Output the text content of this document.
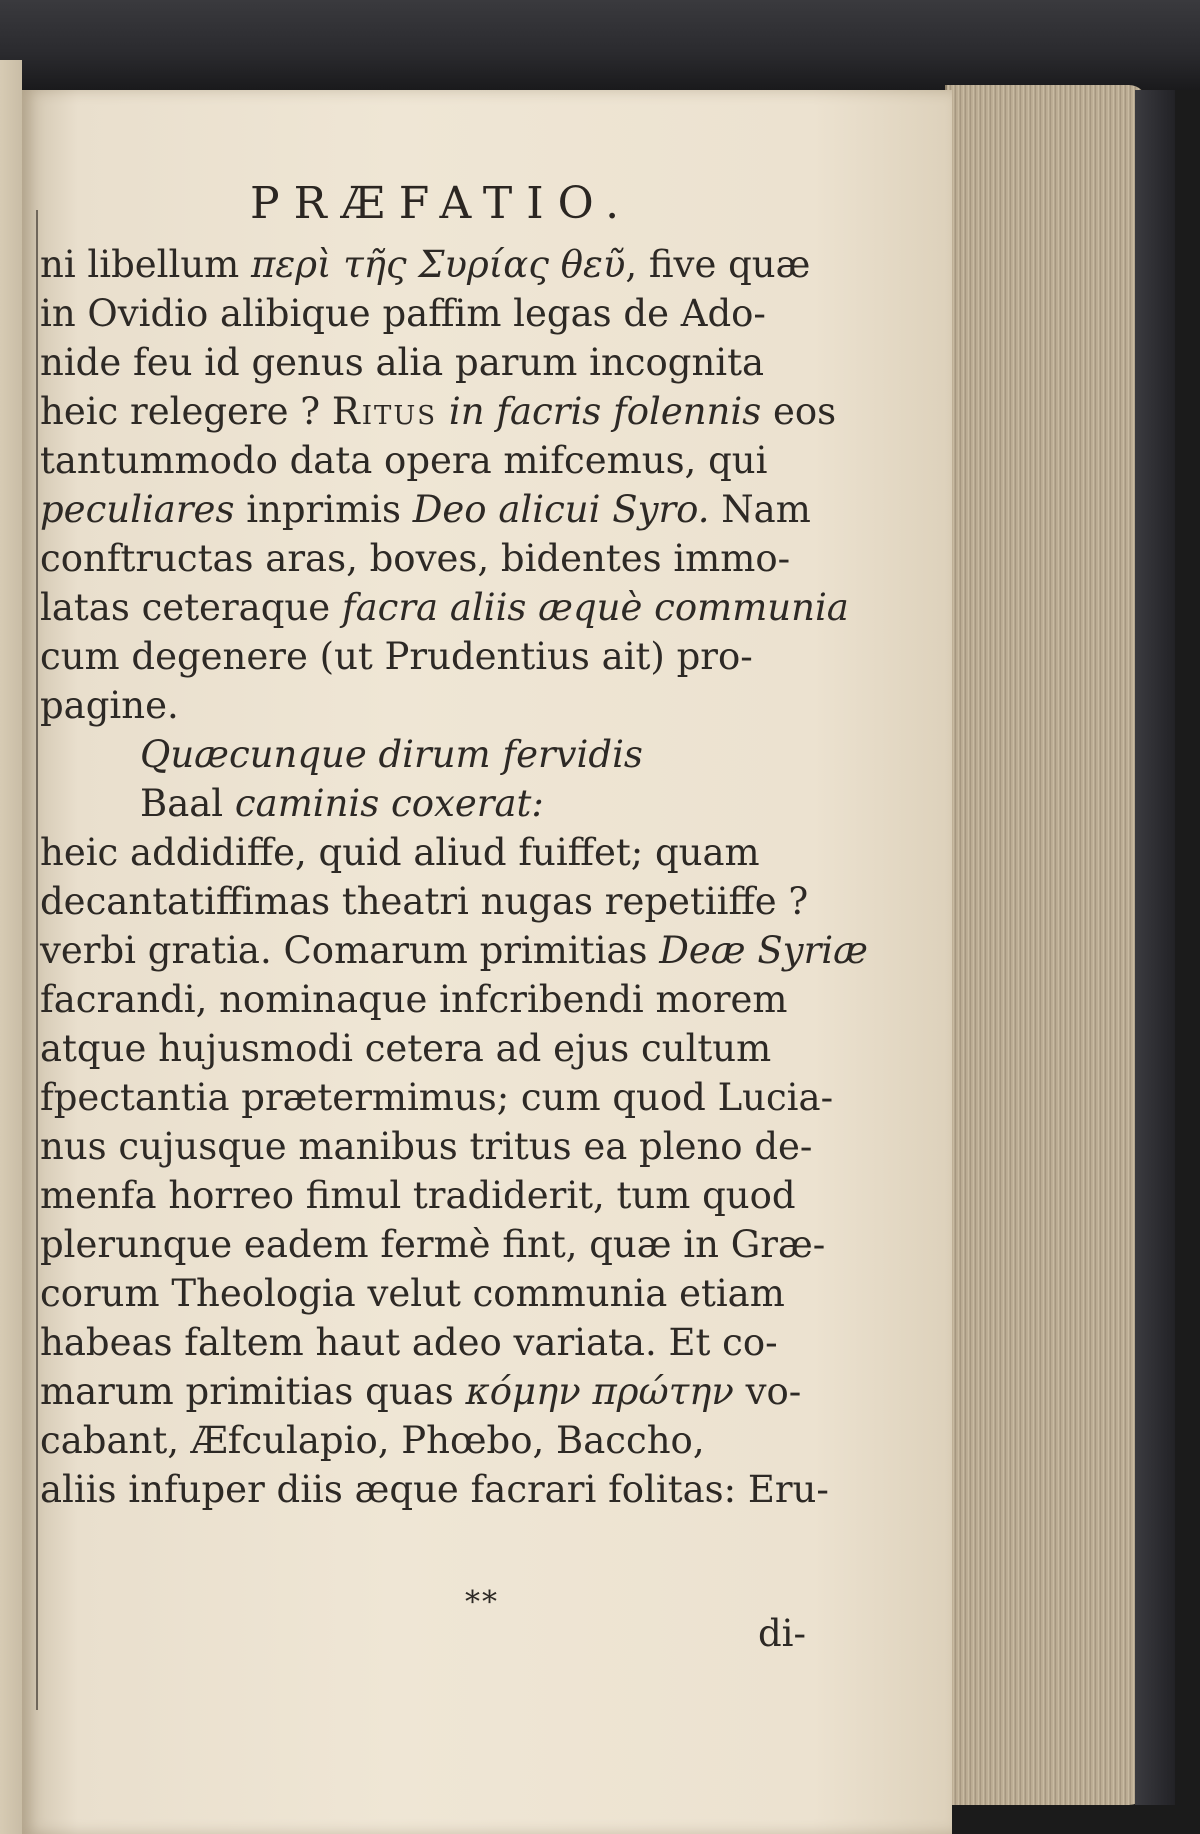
PRÆFATIO.
ni libellum περὶ τῆς Συρίας θεῦ, five quæ
in Ovidio alibique paffim legas de Ado-
nide feu id genus alia parum incognita
heic relegere ? Ritus in facris folennis eos
tantummodo data opera mifcemus, qui
peculiares inprimis Deo alicui Syro. Nam
conftructas aras, boves, bidentes immo-
latas ceteraque facra aliis æquè communia
cum degenere (ut Prudentius ait) pro-
pagine.
Quæcunque dirum fervidis
Baal caminis coxerat:
heic addidiffe, quid aliud fuiffet; quam
decantatiffimas theatri nugas repetiiffe ?
verbi gratia. Comarum primitias Deæ Syriæ
facrandi, nominaque infcribendi morem
atque hujusmodi cetera ad ejus cultum
fpectantia prætermimus; cum quod Lucia-
nus cujusque manibus tritus ea pleno de-
menfa horreo fimul tradiderit, tum quod
plerunque eadem fermè fint, quæ in Græ-
corum Theologia velut communia etiam
habeas faltem haut adeo variata. Et co-
marum primitias quas κόμην πρώτην vo-
cabant, Æfculapio, Phœbo, Baccho,
aliis infuper diis æque facrari folitas: Eru-
**
di-
